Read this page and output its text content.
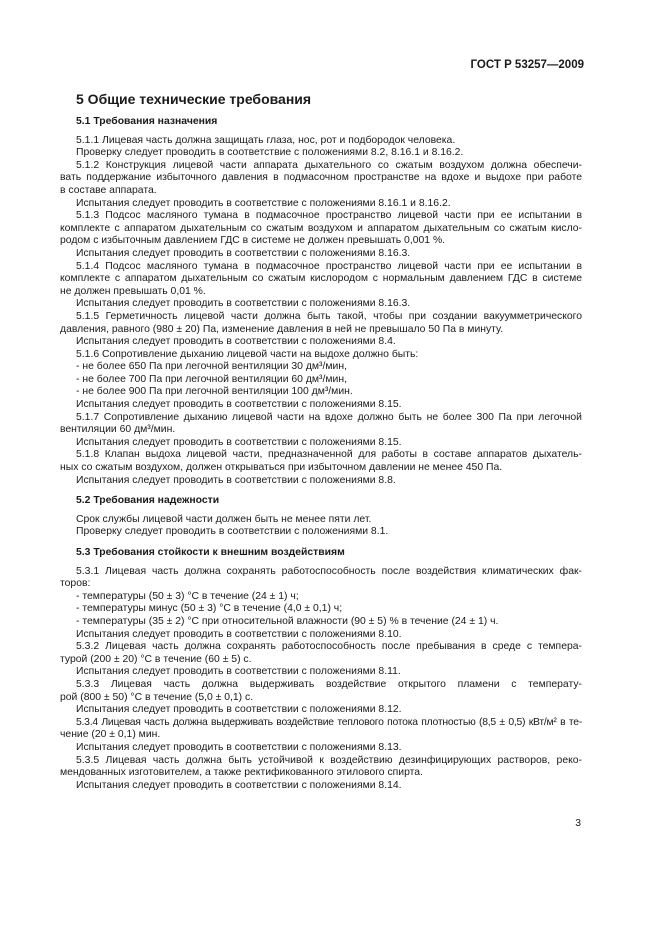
ГОСТ Р 53257—2009
5 Общие технические требования
5.1 Требования назначения
5.1.1 Лицевая часть должна защищать глаза, нос, рот и подбородок человека.
Проверку следует проводить в соответствие с положениями 8.2, 8.16.1 и 8.16.2.
5.1.2 Конструкция лицевой части аппарата дыхательного со сжатым воздухом должна обеспечи-
вать поддержание избыточного давления в подмасочном пространстве на вдохе и выдохе при работе
в составе аппарата.
Испытания следует проводить в соответствие с положениями 8.16.1 и 8.16.2.
5.1.3 Подсос масляного тумана в подмасочное пространство лицевой части при ее испытании в
комплекте с аппаратом дыхательным со сжатым воздухом и аппаратом дыхательным со сжатым кисло-
родом с избыточным давлением ГДС в системе не должен превышать 0,001 %.
Испытания следует проводить в соответствии с положениями 8.16.3.
5.1.4 Подсос масляного тумана в подмасочное пространство лицевой части при ее испытании в
комплекте с аппаратом дыхательным со сжатым кислородом с нормальным давлением ГДС в системе
не должен превышать 0,01 %.
Испытания следует проводить в соответствии с положениями 8.16.3.
5.1.5 Герметичность лицевой части должна быть такой, чтобы при создании вакуумметрического
давления, равного (980 ± 20) Па, изменение давления в ней не превышало 50 Па в минуту.
Испытания следует проводить в соответствии с положениями 8.4.
5.1.6 Сопротивление дыханию лицевой части на выдохе должно быть:
- не более 650 Па при легочной вентиляции 30 дм³/мин,
- не более 700 Па при легочной вентиляции 60 дм³/мин,
- не более 900 Па при легочной вентиляции 100 дм³/мин.
Испытания следует проводить в соответствии с положениями 8.15.
5.1.7 Сопротивление дыханию лицевой части на вдохе должно быть не более 300 Па при легочной
вентиляции 60 дм³/мин.
Испытания следует проводить в соответствии с положениями 8.15.
5.1.8 Клапан выдоха лицевой части, предназначенной для работы в составе аппаратов дыхатель-
ных со сжатым воздухом, должен открываться при избыточном давлении не менее 450 Па.
Испытания следует проводить в соответствии с положениями 8.8.
5.2 Требования надежности
Срок службы лицевой части должен быть не менее пяти лет.
Проверку следует проводить в соответствии с положениями 8.1.
5.3 Требования стойкости к внешним воздействиям
5.3.1 Лицевая часть должна сохранять работоспособность после воздействия климатических фак-
торов:
- температуры (50 ± 3) °С в течение (24 ± 1) ч;
- температуры минус (50 ± 3) °С в течение (4,0 ± 0,1) ч;
- температуры (35 ± 2) °С при относительной влажности (90 ± 5) % в течение (24 ± 1) ч.
Испытания следует проводить в соответствии с положениями 8.10.
5.3.2 Лицевая часть должна сохранять работоспособность после пребывания в среде с темпера-
турой (200 ± 20) °С в течение (60 ± 5) с.
Испытания следует проводить в соответствии с положениями 8.11.
5.3.3 Лицевая часть должна выдерживать воздействие открытого пламени с температу-
рой (800 ± 50) °С в течение (5,0 ± 0,1) с.
Испытания следует проводить в соответствии с положениями 8.12.
5.3.4 Лицевая часть должна выдерживать воздействие теплового потока плотностью (8,5 ± 0,5) кВт/м² в те-
чение (20 ± 0,1) мин.
Испытания следует проводить в соответствии с положениями 8.13.
5.3.5 Лицевая часть должна быть устойчивой к воздействию дезинфицирующих растворов, реко-
мендованных изготовителем, а также ректификованного этилового спирта.
Испытания следует проводить в соответствии с положениями 8.14.
3
